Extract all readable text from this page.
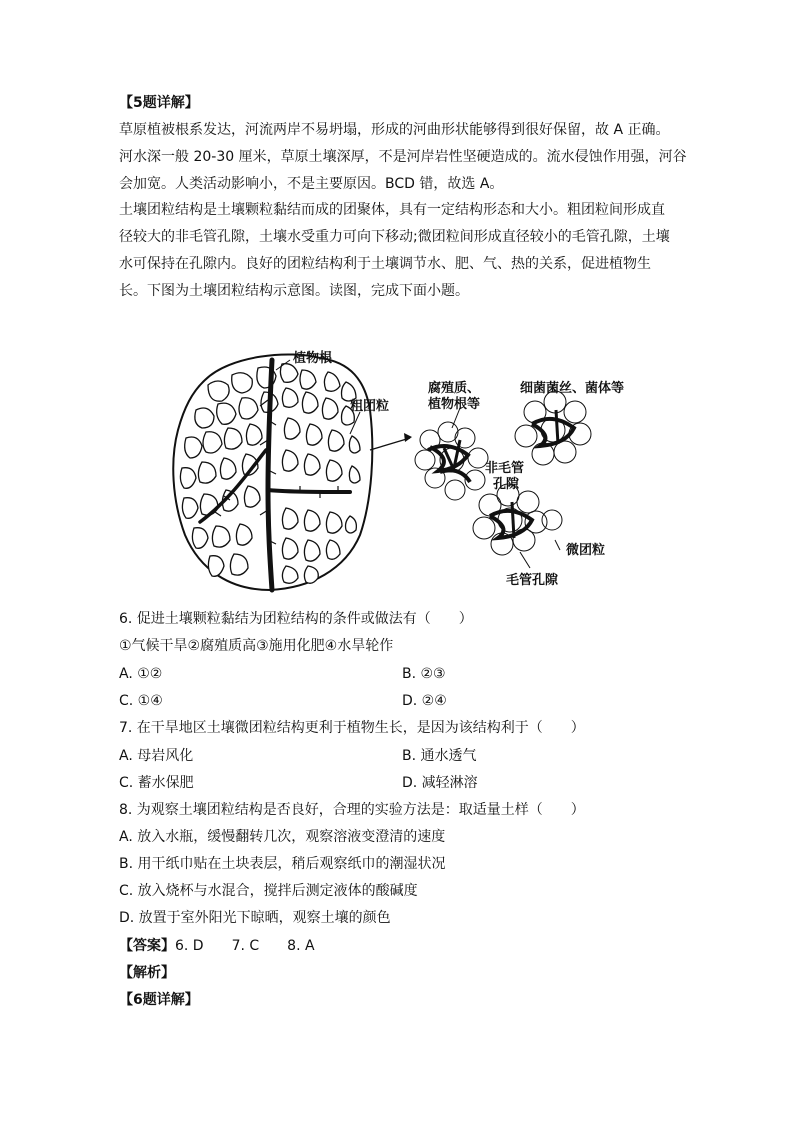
【5题详解】
草原植被根系发达，河流两岸不易坍塌，形成的河曲形状能够得到很好保留，故 A 正确。
河水深一般 20-30 厘米，草原土壤深厚，不是河岸岩性坚硬造成的。流水侵蚀作用强，河谷
会加宽。人类活动影响小，不是主要原因。BCD 错，故选 A。
土壤团粒结构是土壤颗粒黏结而成的团聚体，具有一定结构形态和大小。粗团粒间形成直径较大的非毛管孔隙，土壤水受重力可向下移动;微团粒间形成直径较小的毛管孔隙，土壤水可保持在孔隙内。良好的团粒结构利于土壤调节水、肥、气、热的关系，促进植物生长。下图为土壤团粒结构示意图。读图，完成下面小题。
植物根
粗团粒
腐殖质、
植物根等
细菌菌丝、菌体等
非毛管
孔隙
微团粒
毛管孔隙
6. 促进土壤颗粒黏结为团粒结构的条件或做法有（　　）
①气候干旱②腐殖质高③施用化肥④水旱轮作
A. ①②	B. ②③
C. ①④	D. ②④
7. 在干旱地区土壤微团粒结构更利于植物生长，是因为该结构利于（　　）
A. 母岩风化	B. 通水透气
C. 蓄水保肥	D. 减轻淋溶
8. 为观察土壤团粒结构是否良好，合理的实验方法是：取适量土样（　　）
A. 放入水瓶，缓慢翻转几次，观察溶液变澄清的速度
B. 用干纸巾贴在土块表层，稍后观察纸巾的潮湿状况
C. 放入烧杯与水混合，搅拌后测定液体的酸碱度
D. 放置于室外阳光下晾晒，观察土壤的颜色
【答案】6. D　　7. C　　8. A
【解析】
【6题详解】
